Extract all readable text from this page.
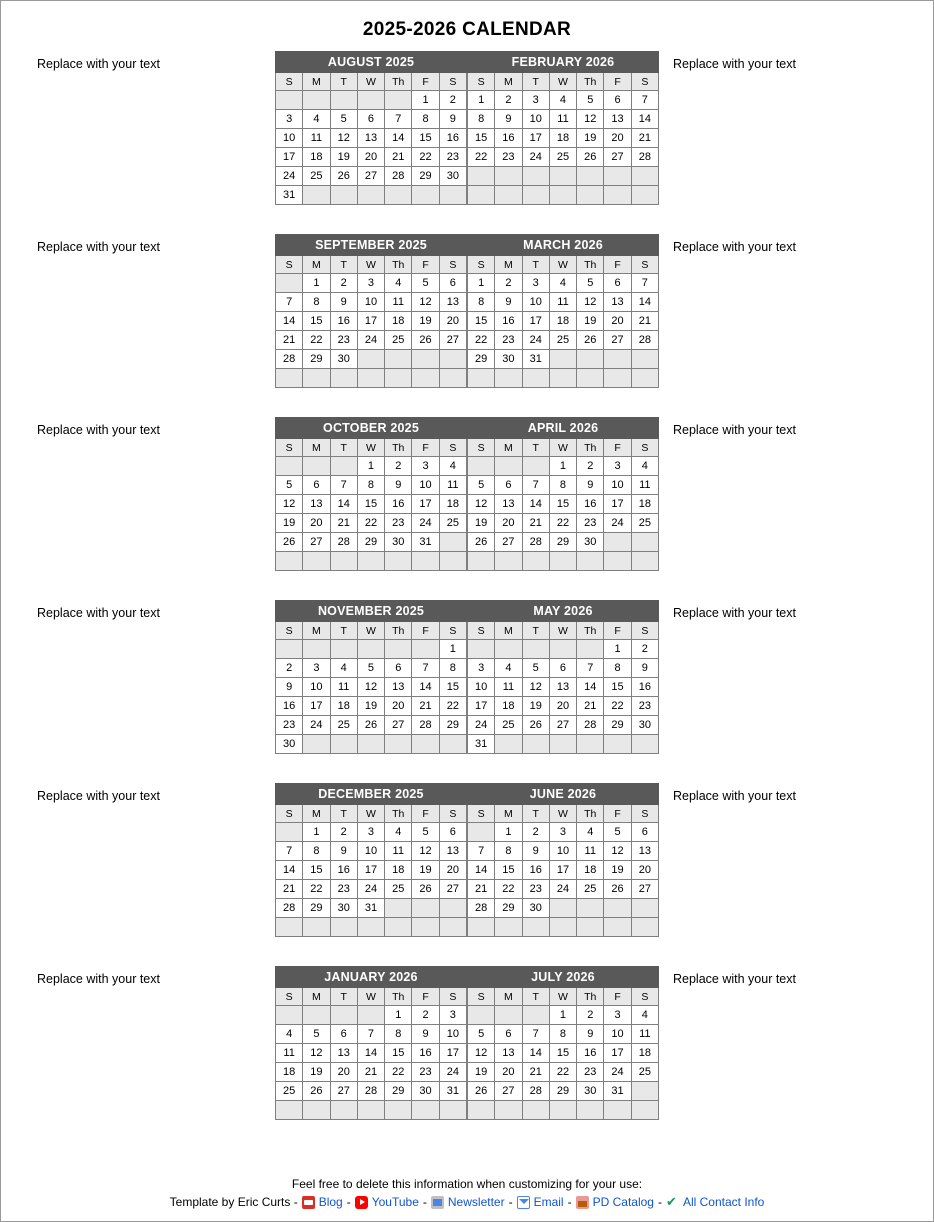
2025-2026 CALENDAR
Replace with your text	AUGUST 2025						
S	M	T	W	Th	F	S
					1	2
3	4	5	6	7	8	9
10	11	12	13	14	15	16
17	18	19	20	21	22	23
24	25	26	27	28	29	30
31						
FEBRUARY 2026						
S	M	T	W	Th	F	S
1	2	3	4	5	6	7
8	9	10	11	12	13	14
15	16	17	18	19	20	21
22	23	24	25	26	27	28

Replace with your text
Replace with your text	SEPTEMBER 2025						
S	M	T	W	Th	F	S
	1	2	3	4	5	6
7	8	9	10	11	12	13
14	15	16	17	18	19	20
21	22	23	24	25	26	27
28	29	30				

MARCH 2026						
S	M	T	W	Th	F	S
1	2	3	4	5	6	7
8	9	10	11	12	13	14
15	16	17	18	19	20	21
22	23	24	25	26	27	28
29	30	31				

Replace with your text
Replace with your text	OCTOBER 2025						
S	M	T	W	Th	F	S
			1	2	3	4
5	6	7	8	9	10	11
12	13	14	15	16	17	18
19	20	21	22	23	24	25
26	27	28	29	30	31	

APRIL 2026						
S	M	T	W	Th	F	S
			1	2	3	4
5	6	7	8	9	10	11
12	13	14	15	16	17	18
19	20	21	22	23	24	25
26	27	28	29	30		

Replace with your text
Replace with your text	NOVEMBER 2025						
S	M	T	W	Th	F	S
						1
2	3	4	5	6	7	8
9	10	11	12	13	14	15
16	17	18	19	20	21	22
23	24	25	26	27	28	29
30						
MAY 2026						
S	M	T	W	Th	F	S
					1	2
3	4	5	6	7	8	9
10	11	12	13	14	15	16
17	18	19	20	21	22	23
24	25	26	27	28	29	30
31						
Replace with your text
Replace with your text	DECEMBER 2025						
S	M	T	W	Th	F	S
	1	2	3	4	5	6
7	8	9	10	11	12	13
14	15	16	17	18	19	20
21	22	23	24	25	26	27
28	29	30	31			

JUNE 2026						
S	M	T	W	Th	F	S
	1	2	3	4	5	6
7	8	9	10	11	12	13
14	15	16	17	18	19	20
21	22	23	24	25	26	27
28	29	30				

Replace with your text
Replace with your text	JANUARY 2026						
S	M	T	W	Th	F	S
				1	2	3
4	5	6	7	8	9	10
11	12	13	14	15	16	17
18	19	20	21	22	23	24
25	26	27	28	29	30	31

JULY 2026						
S	M	T	W	Th	F	S
			1	2	3	4
5	6	7	8	9	10	11
12	13	14	15	16	17	18
19	20	21	22	23	24	25
26	27	28	29	30	31	

Replace with your text
Feel free to delete this information when customizing for your use:
Template by Eric Curts - Blog - YouTube - Newsletter - Email - PD Catalog - ✔ All Contact Info
